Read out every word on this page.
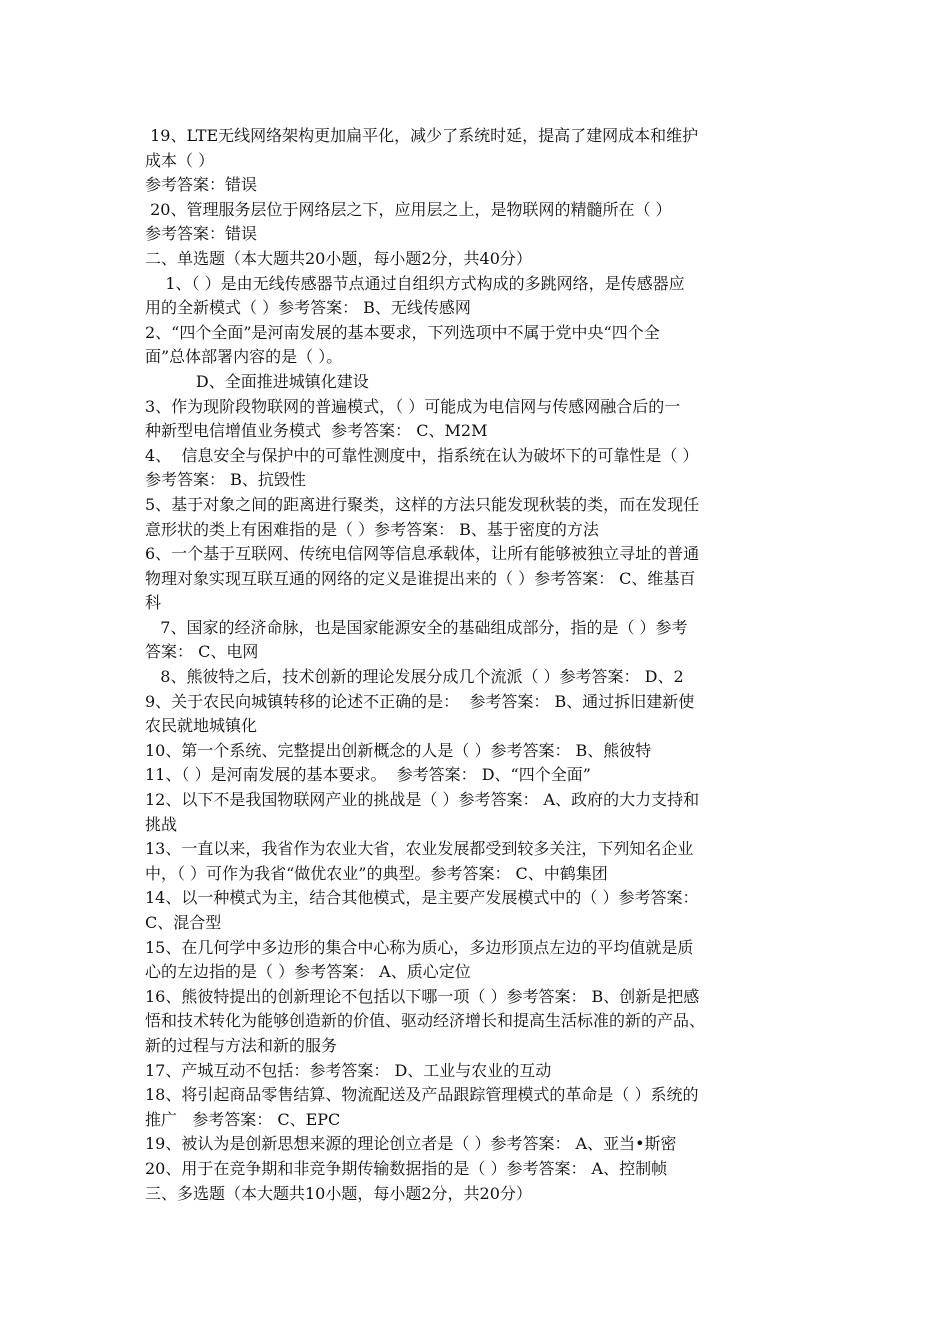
19、LTE无线网络架构更加扁平化，减少了系统时延，提高了建网成本和维护
成本（ ）
参考答案：错误
20、管理服务层位于网络层之下，应用层之上，是物联网的精髓所在（ ）
参考答案：错误
二、单选题（本大题共20小题，每小题2分，共40分）
1、（ ）是由无线传感器节点通过自组织方式构成的多跳网络，是传感器应
用的全新模式（ ）参考答案： B、无线传感网
2、“四个全面”是河南发展的基本要求，下列选项中不属于党中央“四个全
面”总体部署内容的是（ ）。
D、全面推进城镇化建设
3、作为现阶段物联网的普遍模式，（ ）可能成为电信网与传感网融合后的一
种新型电信增值业务模式  参考答案： C、M2M
4、  信息安全与保护中的可靠性测度中，指系统在认为破坏下的可靠性是（ ）
参考答案： B、抗毁性
5、基于对象之间的距离进行聚类，这样的方法只能发现秋装的类，而在发现任
意形状的类上有困难指的是（ ）参考答案： B、基于密度的方法
6、一个基于互联网、传统电信网等信息承载体，让所有能够被独立寻址的普通
物理对象实现互联互通的网络的定义是谁提出来的（ ）参考答案： C、维基百
科
7、国家的经济命脉，也是国家能源安全的基础组成部分，指的是（ ）参考
答案： C、电网
8、熊彼特之后，技术创新的理论发展分成几个流派（ ）参考答案： D、2
9、关于农民向城镇转移的论述不正确的是：  参考答案： B、通过拆旧建新使
农民就地城镇化
10、第一个系统、完整提出创新概念的人是（ ）参考答案： B、熊彼特
11、（ ）是河南发展的基本要求。  参考答案： D、“四个全面”
12、以下不是我国物联网产业的挑战是（ ）参考答案： A、政府的大力支持和
挑战
13、一直以来，我省作为农业大省，农业发展都受到较多关注，下列知名企业
中，（ ）可作为我省“做优农业”的典型。参考答案： C、中鹤集团
14、以一种模式为主，结合其他模式，是主要产发展模式中的（ ）参考答案：
C、混合型
15、在几何学中多边形的集合中心称为质心，多边形顶点左边的平均值就是质
心的左边指的是（ ）参考答案： A、质心定位
16、熊彼特提出的创新理论不包括以下哪一项（ ）参考答案： B、创新是把感
悟和技术转化为能够创造新的价值、驱动经济增长和提高生活标准的新的产品、
新的过程与方法和新的服务
17、产城互动不包括：参考答案： D、工业与农业的互动
18、将引起商品零售结算、物流配送及产品跟踪管理模式的革命是（ ）系统的
推广   参考答案： C、EPC
19、被认为是创新思想来源的理论创立者是（ ）参考答案： A、亚当•斯密
20、用于在竞争期和非竞争期传输数据指的是（ ）参考答案： A、控制帧
三、多选题（本大题共10小题，每小题2分，共20分）
